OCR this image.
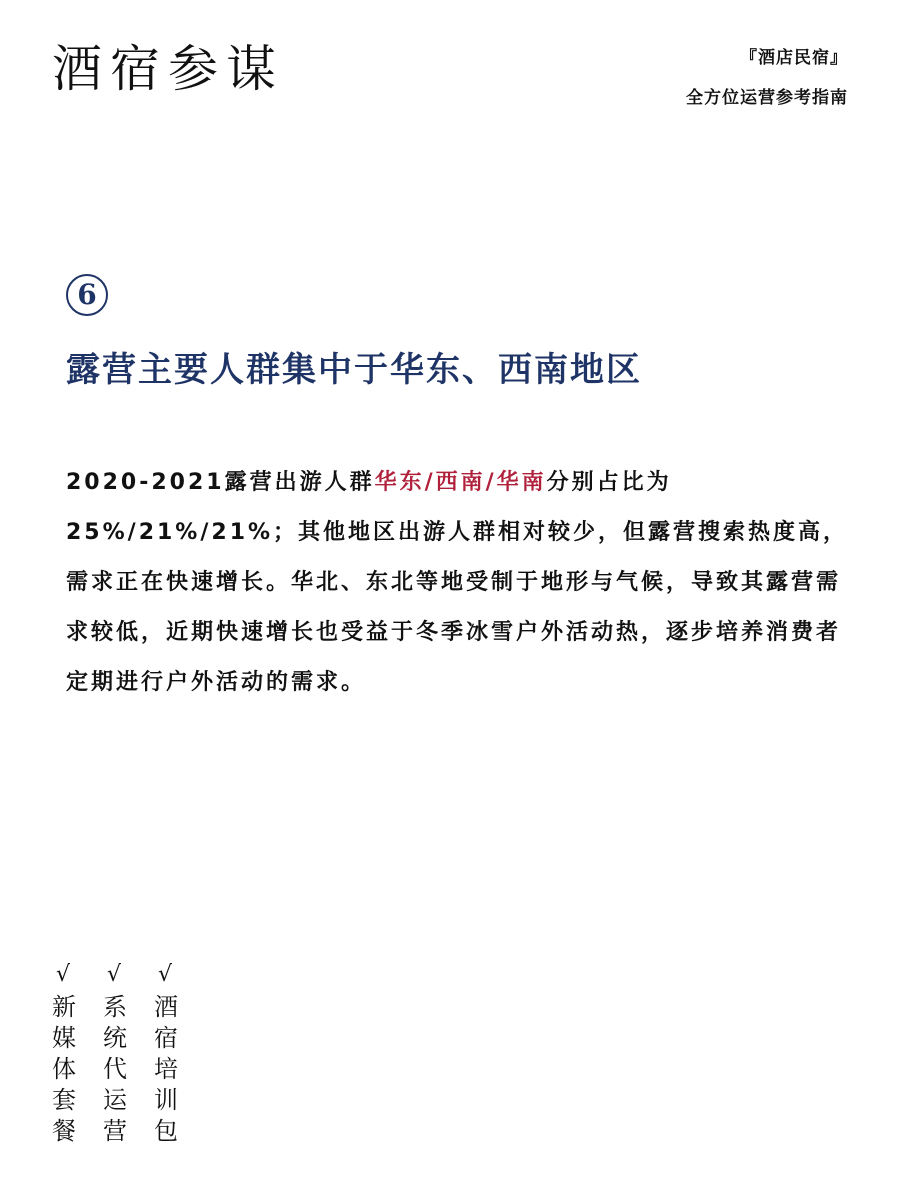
酒宿参谋	『酒店民宿』
全方位运营参考指南
6
露营主要人群集中于华东、西南地区
2020-2021露营出游人群华东/西南/华南分别占比为25%/21%/21%；其他地区出游人群相对较少，但露营搜索热度高，需求正在快速增长。华北、东北等地受制于地形与气候，导致其露营需求较低，近期快速增长也受益于冬季冰雪户外活动热，逐步培养消费者定期进行户外活动的需求。
√
新
媒
体
套
餐
√
系
统
代
运
营
√
酒
宿
培
训
包
